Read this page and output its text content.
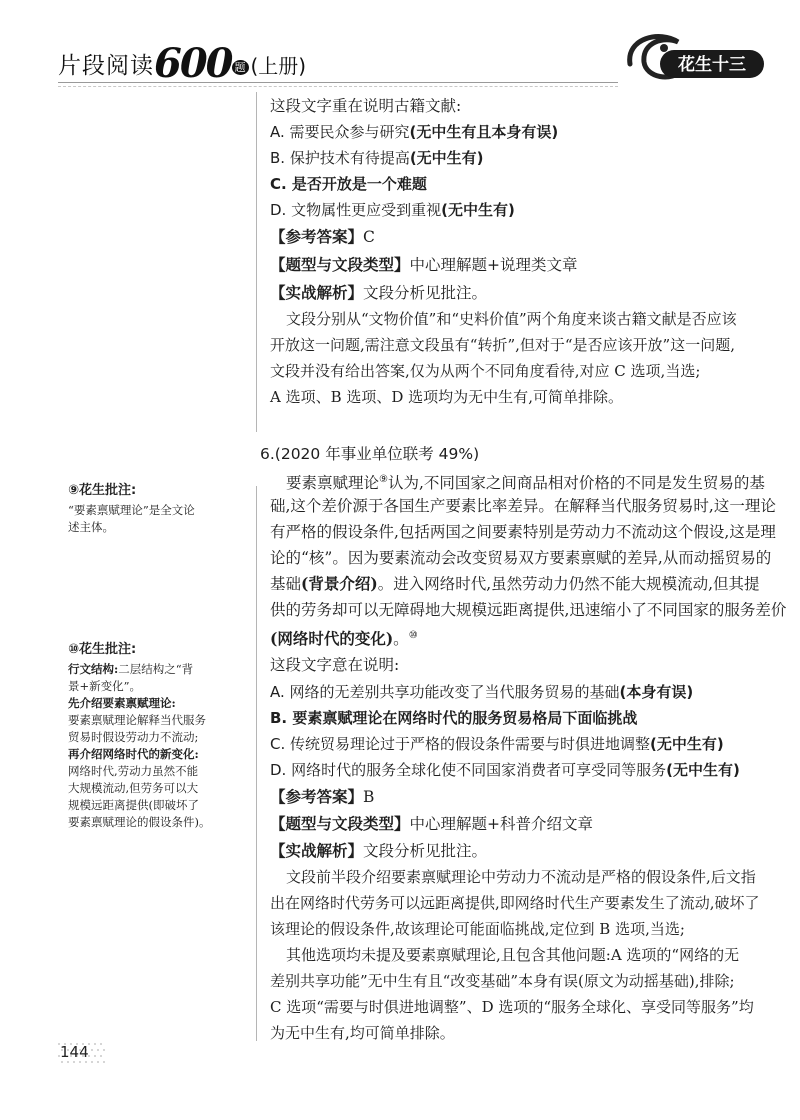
片段阅读600 题 (上册)	花生十三
这段文字重在说明古籍文献:
A. 需要民众参与研究(无中生有且本身有误)
B. 保护技术有待提高(无中生有)
C. 是否开放是一个难题
D. 文物属性更应受到重视(无中生有)
【参考答案】C
【题型与文段类型】中心理解题+说理类文章
【实战解析】文段分析见批注。
文段分别从“文物价值”和“史料价值”两个角度来谈古籍文献是否应该
开放这一问题,需注意文段虽有“转折”,但对于“是否应该开放”这一问题,
文段并没有给出答案,仅为从两个不同角度看待,对应 C 选项,当选;
A 选项、B 选项、D 选项均为无中生有,可简单排除。
6.(2020 年事业单位联考 49%)
要素禀赋理论⑨认为,不同国家之间商品相对价格的不同是发生贸易的基
础,这个差价源于各国生产要素比率差异。在解释当代服务贸易时,这一理论
有严格的假设条件,包括两国之间要素特别是劳动力不流动这个假设,这是理
论的“核”。因为要素流动会改变贸易双方要素禀赋的差异,从而动摇贸易的
基础(背景介绍)。进入网络时代,虽然劳动力仍然不能大规模流动,但其提
供的劳务却可以无障碍地大规模远距离提供,迅速缩小了不同国家的服务差价
(网络时代的变化)。⑩
这段文字意在说明:
A. 网络的无差别共享功能改变了当代服务贸易的基础(本身有误)
B. 要素禀赋理论在网络时代的服务贸易格局下面临挑战
C. 传统贸易理论过于严格的假设条件需要与时俱进地调整(无中生有)
D. 网络时代的服务全球化使不同国家消费者可享受同等服务(无中生有)
【参考答案】B
【题型与文段类型】中心理解题+科普介绍文章
【实战解析】文段分析见批注。
文段前半段介绍要素禀赋理论中劳动力不流动是严格的假设条件,后文指
出在网络时代劳务可以远距离提供,即网络时代生产要素发生了流动,破坏了
该理论的假设条件,故该理论可能面临挑战,定位到 B 选项,当选;
其他选项均未提及要素禀赋理论,且包含其他问题:A 选项的“网络的无
差别共享功能”无中生有且“改变基础”本身有误(原文为动摇基础),排除;
C 选项“需要与时俱进地调整”、D 选项的“服务全球化、享受同等服务”均
为无中生有,均可简单排除。
⑨花生批注:
“要素禀赋理论”是全文论
述主体。
⑩花生批注:
行文结构:二层结构之“背
景+新变化”。
先介绍要素禀赋理论:
要素禀赋理论解释当代服务
贸易时假设劳动力不流动;
再介绍网络时代的新变化:
网络时代,劳动力虽然不能
大规模流动,但劳务可以大
规模远距离提供(即破坏了
要素禀赋理论的假设条件)。
144
